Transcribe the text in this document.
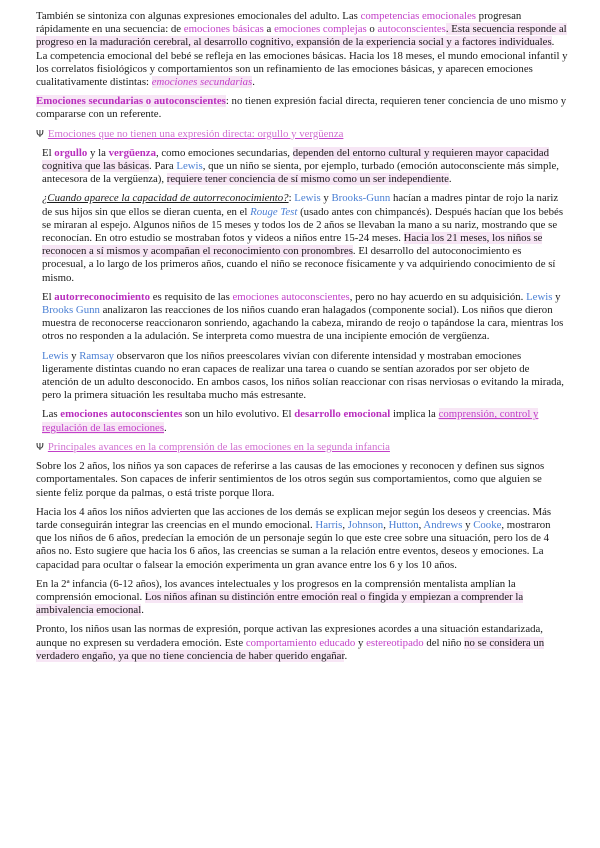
También se sintoniza con algunas expresiones emocionales del adulto. Las competencias emocionales progresan rápidamente en una secuencia: de emociones básicas a emociones complejas o autoconscientes. Esta secuencia responde al progreso en la maduración cerebral, al desarrollo cognitivo, expansión de la experiencia social y a factores individuales. La competencia emocional del bebé se refleja en las emociones básicas. Hacia los 18 meses, el mundo emocional infantil y los correlatos fisiológicos y comportamientos son un refinamiento de las emociones básicas, y aparecen emociones cualitativamente distintas: emociones secundarias.

Emociones secundarias o autoconscientes: no tienen expresión facial directa, requieren tener conciencia de uno mismo y compararse con un referente.

Ψ Emociones que no tienen una expresión directa: orgullo y vergüenza

El orgullo y la vergüenza, como emociones secundarias, dependen del entorno cultural y requieren mayor capacidad cognitiva que las básicas. Para Lewis, que un niño se sienta, por ejemplo, turbado (emoción autoconsciente más simple, antecesora de la vergüenza), requiere tener conciencia de sí mismo como un ser independiente.

¿Cuando aparece la capacidad de autorreconocimiento?: Lewis y Brooks-Gunn hacían a madres pintar de rojo la nariz de sus hijos sin que ellos se dieran cuenta, en el Rouge Test (usado antes con chimpancés). Después hacían que los bebés se miraran al espejo. Algunos niños de 15 meses y todos los de 2 años se llevaban la mano a su nariz, mostrando que se reconocían. En otro estudio se mostraban fotos y videos a niños entre 15-24 meses. Hacia los 21 meses, los niños se reconocen a sí mismos y acompañan el reconocimiento con pronombres. El desarrollo del autoconocimiento es procesual, a lo largo de los primeros años, cuando el niño se reconoce físicamente y va adquiriendo conocimiento de sí mismo.

El autorreconocimiento es requisito de las emociones autoconscientes, pero no hay acuerdo en su adquisición. Lewis y Brooks Gunn analizaron las reacciones de los niños cuando eran halagados (componente social). Los niños que dieron muestra de reconocerse reaccionaron sonriendo, agachando la cabeza, mirando de reojo o tapándose la cara, mientras los otros no responden a la adulación. Se interpreta como muestra de una incipiente emoción de vergüenza.

Lewis y Ramsay observaron que los niños preescolares vivían con diferente intensidad y mostraban emociones ligeramente distintas cuando no eran capaces de realizar una tarea o cuando se sentían azorados por ser objeto de atención de un adulto desconocido. En ambos casos, los niños solían reaccionar con risas nerviosas o evitando la mirada, pero la primera situación les resultaba mucho más estresante.

Las emociones autoconscientes son un hilo evolutivo. El desarrollo emocional implica la comprensión, control y regulación de las emociones.

Ψ Principales avances en la comprensión de las emociones en la segunda infancia

Sobre los 2 años, los niños ya son capaces de referirse a las causas de las emociones y reconocen y definen sus signos comportamentales. Son capaces de inferir sentimientos de los otros según sus comportamientos, como que alguien se siente feliz porque da palmas, o está triste porque llora.

Hacia los 4 años los niños advierten que las acciones de los demás se explican mejor según los deseos y creencias. Más tarde conseguirán integrar las creencias en el mundo emocional. Harris, Johnson, Hutton, Andrews y Cooke, mostraron que los niños de 6 años, predecían la emoción de un personaje según lo que este cree sobre una situación, pero los de 4 años no. Esto sugiere que hacia los 6 años, las creencias se suman a la relación entre eventos, deseos y emociones. La capacidad para ocultar o falsear la emoción experimenta un gran avance entre los 6 y los 10 años.

En la 2ª infancia (6-12 años), los avances intelectuales y los progresos en la comprensión mentalista amplían la comprensión emocional. Los niños afinan su distinción entre emoción real o fingida y empiezan a comprender la ambivalencia emocional.

Pronto, los niños usan las normas de expresión, porque activan las expresiones acordes a una situación estandarizada, aunque no expresen su verdadera emoción. Este comportamiento educado y estereotipado del niño no se considera un verdadero engaño, ya que no tiene conciencia de haber querido engañar.
